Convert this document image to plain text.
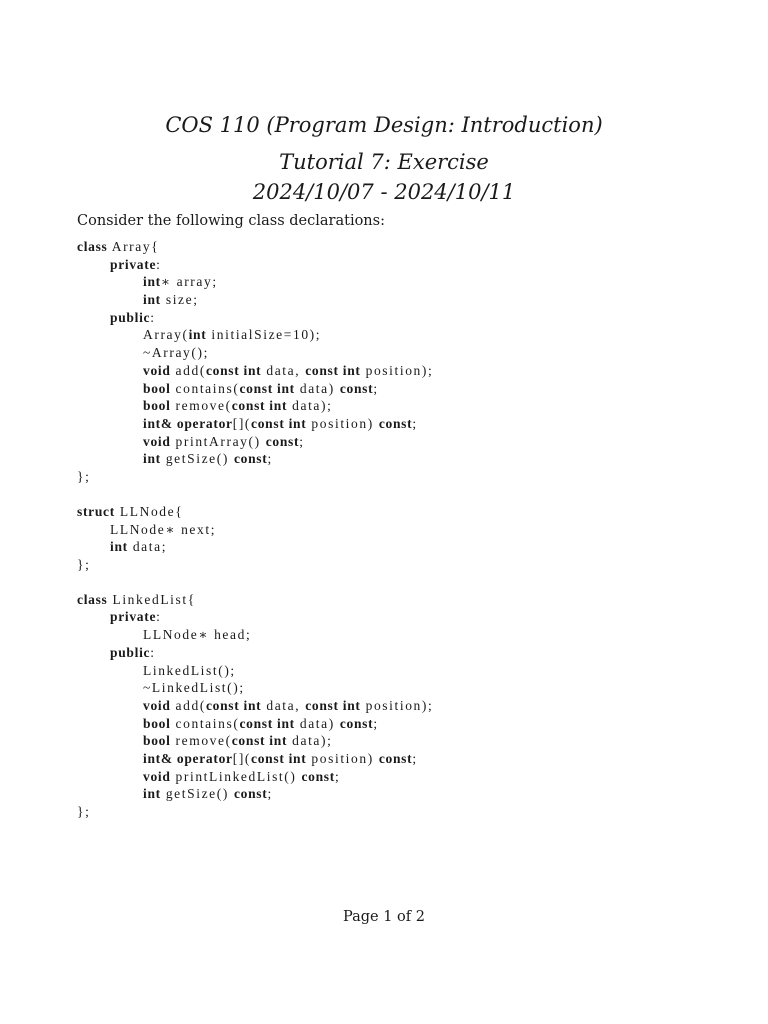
COS 110 (Program Design: Introduction)
Tutorial 7: Exercise
2024/10/07 - 2024/10/11
Consider the following class declarations:
class Array{
private:
int∗ array;
int size;
public:
Array(int initialSize=10);
~Array();
void add(const int data, const int position);
bool contains(const int data) const;
bool remove(const int data);
int& operator[](const int position) const;
void printArray() const;
int getSize() const;
};
struct LLNode{
LLNode∗ next;
int data;
};
class LinkedList{
private:
LLNode∗ head;
public:
LinkedList();
~LinkedList();
void add(const int data, const int position);
bool contains(const int data) const;
bool remove(const int data);
int& operator[](const int position) const;
void printLinkedList() const;
int getSize() const;
};
Page 1 of 2
